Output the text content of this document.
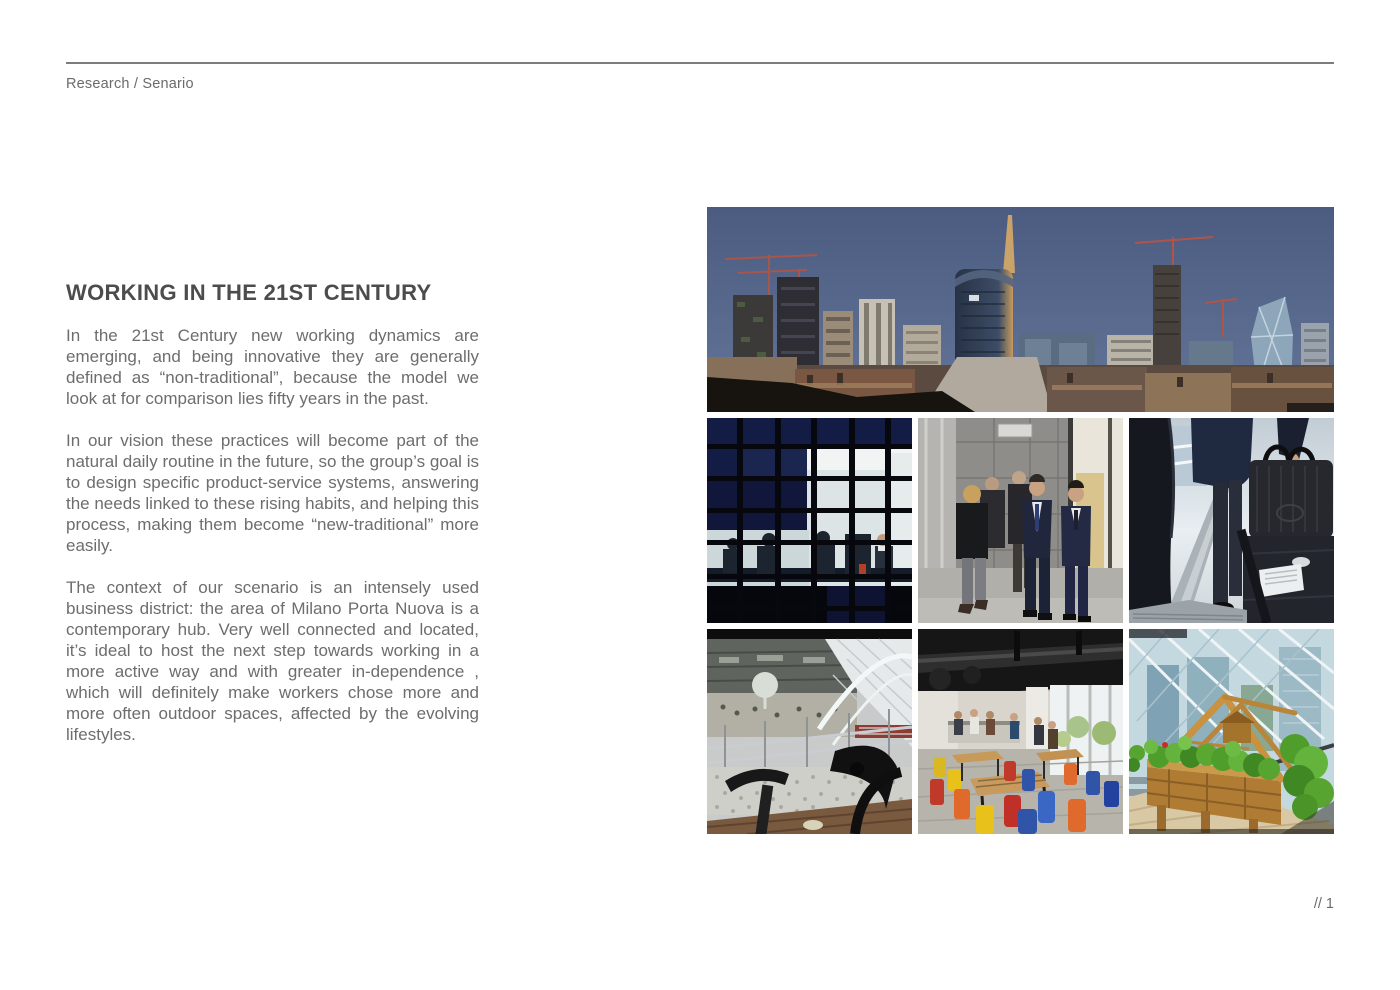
Research / Senario
WORKING IN THE 21ST CENTURY

In the 21st Century new working dynamics are emerging, and being innovative they are generally defined as “non-traditional”, because the model we look at for comparison lies fifty years in the past.

In our vision these practices will become part of the natural daily routine in the future, so the group’s goal is to design specific product-service systems, answering the needs linked to these rising habits, and helping this process, making them become “new-traditional” more easily.

The context of our scenario is an intensely used business district: the area of Milano Porta Nuova is a contemporary hub. Very well connected and located, it’s ideal to host the next step towards working in a more active way and with greater in-dependence , which will definitely make workers chose more and more often outdoor spaces, affected by the evolving lifestyles.

// 1
